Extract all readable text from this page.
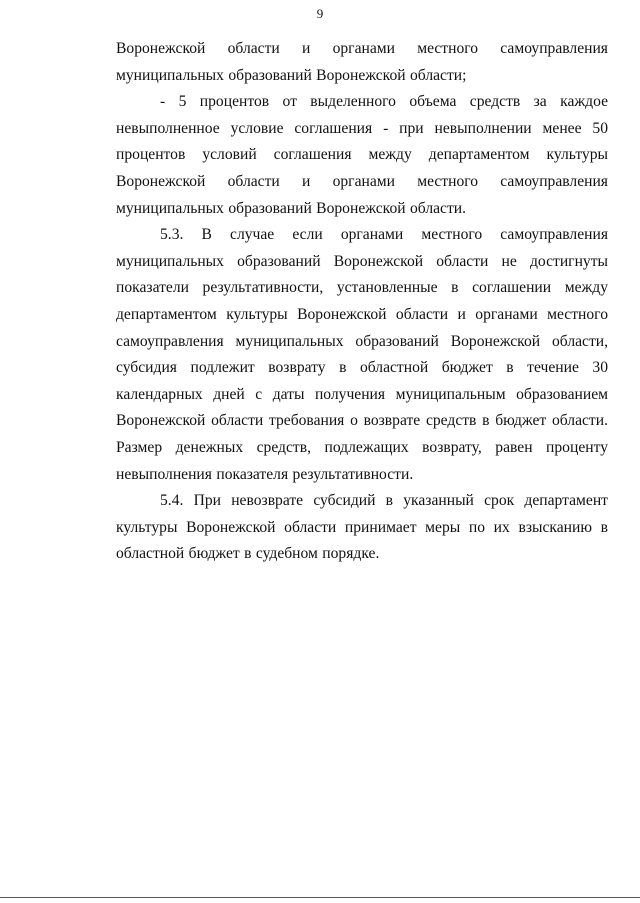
9

Воронежской области и органами местного самоуправления муниципальных образований Воронежской области;

- 5 процентов от выделенного объема средств за каждое невыполненное условие соглашения - при невыполнении менее 50 процентов условий соглашения между департаментом культуры Воронежской области и органами местного самоуправления муниципальных образований Воронежской области.

5.3. В случае если органами местного самоуправления муниципальных образований Воронежской области не достигнуты показатели результативности, установленные в соглашении между департаментом культуры Воронежской области и органами местного самоуправления муниципальных образований Воронежской области, субсидия подлежит возврату в областной бюджет в течение 30 календарных дней с даты получения муниципальным образованием Воронежской области требования о возврате средств в бюджет области. Размер денежных средств, подлежащих возврату, равен проценту невыполнения показателя результативности.

5.4. При невозврате субсидий в указанный срок департамент культуры Воронежской области принимает меры по их взысканию в областной бюджет в судебном порядке.
